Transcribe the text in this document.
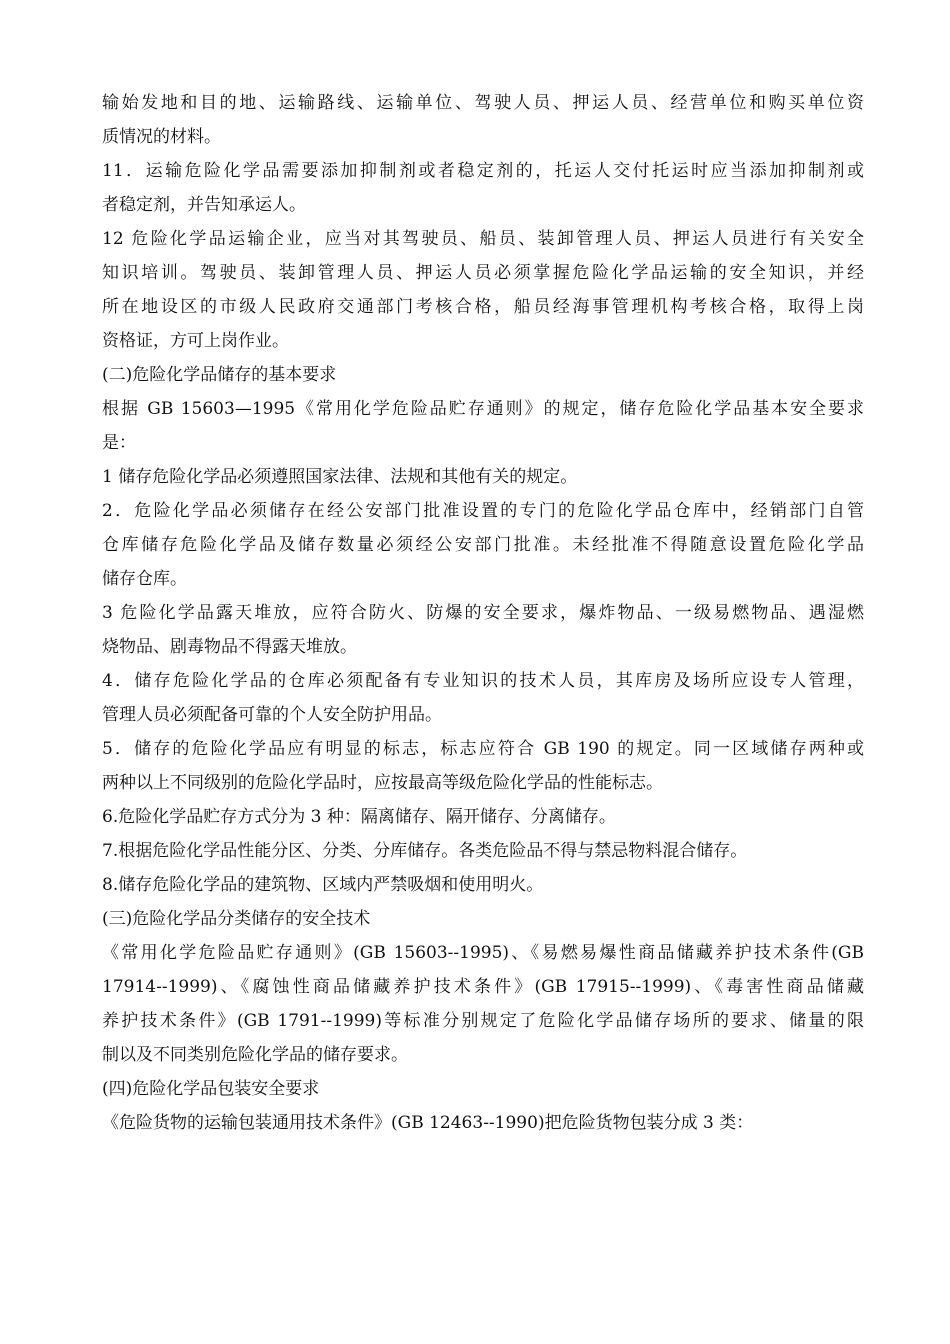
输始发地和目的地、运输路线、运输单位、驾驶人员、押运人员、经营单位和购买单位资
质情况的材料。
11．运输危险化学品需要添加抑制剂或者稳定剂的，托运人交付托运时应当添加抑制剂或
者稳定剂，并告知承运人。
12 危险化学品运输企业，应当对其驾驶员、船员、装卸管理人员、押运人员进行有关安全
知识培训。驾驶员、装卸管理人员、押运人员必须掌握危险化学品运输的安全知识，并经
所在地设区的市级人民政府交通部门考核合格，船员经海事管理机构考核合格，取得上岗
资格证，方可上岗作业。
(二)危险化学品储存的基本要求
根据 GB 15603—1995《常用化学危险品贮存通则》的规定，储存危险化学品基本安全要求
是：
1 储存危险化学品必须遵照国家法律、法规和其他有关的规定。
2．危险化学品必须储存在经公安部门批准设置的专门的危险化学品仓库中，经销部门自管
仓库储存危险化学品及储存数量必须经公安部门批准。未经批准不得随意设置危险化学品
储存仓库。
3 危险化学品露天堆放，应符合防火、防爆的安全要求，爆炸物品、一级易燃物品、遇湿燃
烧物品、剧毒物品不得露天堆放。
4．储存危险化学品的仓库必须配备有专业知识的技术人员，其库房及场所应设专人管理，
管理人员必须配备可靠的个人安全防护用品。
5．储存的危险化学品应有明显的标志，标志应符合 GB 190 的规定。同一区域储存两种或
两种以上不同级别的危险化学品时，应按最高等级危险化学品的性能标志。
6.危险化学品贮存方式分为 3 种：隔离储存、隔开储存、分离储存。
7.根据危险化学品性能分区、分类、分库储存。各类危险品不得与禁忌物料混合储存。
8.储存危险化学品的建筑物、区域内严禁吸烟和使用明火。
(三)危险化学品分类储存的安全技术
《常用化学危险品贮存通则》(GB 15603--1995)、《易燃易爆性商品储藏养护技术条件(GB
17914--1999)、《腐蚀性商品储藏养护技术条件》(GB 17915--1999)、《毒害性商品储藏
养护技术条件》(GB 1791--1999)等标准分别规定了危险化学品储存场所的要求、储量的限
制以及不同类别危险化学品的储存要求。
(四)危险化学品包装安全要求
《危险货物的运输包装通用技术条件》(GB 12463--1990)把危险货物包装分成 3 类：
